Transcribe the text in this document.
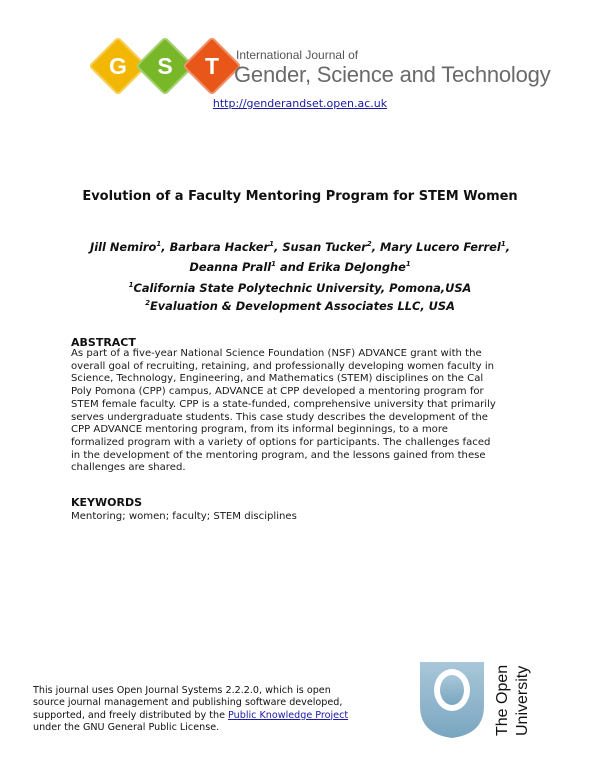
G	S	T	International Journal of
Gender, Science and Technology
http://genderandset.open.ac.uk
Evolution of a Faculty Mentoring Program for STEM Women
Jill Nemiro$^1$, Barbara Hacker$^1$, Susan Tucker$^2$, Mary Lucero Ferrel$^1$,
Deanna Prall$^1$ and Erika DeJonghe$^1$
$^1$California State Polytechnic University, Pomona,USA
$^2$Evaluation & Development Associates LLC, USA
ABSTRACT
As part of a five-year National Science Foundation (NSF) ADVANCE grant with the
overall goal of recruiting, retaining, and professionally developing women faculty in
Science, Technology, Engineering, and Mathematics (STEM) disciplines on the Cal
Poly Pomona (CPP) campus, ADVANCE at CPP developed a mentoring program for
STEM female faculty. CPP is a state-funded, comprehensive university that primarily
serves undergraduate students. This case study describes the development of the
CPP ADVANCE mentoring program, from its informal beginnings, to a more
formalized program with a variety of options for participants. The challenges faced
in the development of the mentoring program, and the lessons gained from these
challenges are shared.
KEYWORDS
Mentoring; women; faculty; STEM disciplines
This journal uses Open Journal Systems 2.2.2.0, which is open
source journal management and publishing software developed,
supported, and freely distributed by the Public Knowledge Project
under the GNU General Public License.	The Open University
